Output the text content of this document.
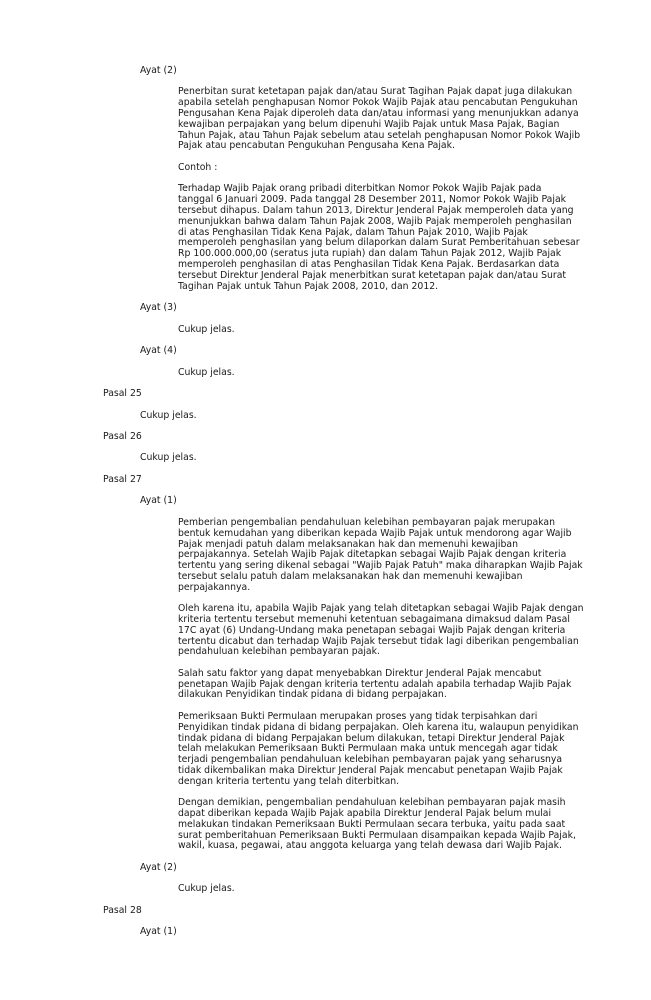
Ayat (2)
Penerbitan surat ketetapan pajak dan/atau Surat Tagihan Pajak dapat juga dilakukan
apabila setelah penghapusan Nomor Pokok Wajib Pajak atau pencabutan Pengukuhan
Pengusahan Kena Pajak diperoleh data dan/atau informasi yang menunjukkan adanya
kewajiban perpajakan yang belum dipenuhi Wajib Pajak untuk Masa Pajak, Bagian
Tahun Pajak, atau Tahun Pajak sebelum atau setelah penghapusan Nomor Pokok Wajib
Pajak atau pencabutan Pengukuhan Pengusaha Kena Pajak.
Contoh :
Terhadap Wajib Pajak orang pribadi diterbitkan Nomor Pokok Wajib Pajak pada
tanggal 6 Januari 2009. Pada tanggal 28 Desember 2011, Nomor Pokok Wajib Pajak
tersebut dihapus. Dalam tahun 2013, Direktur Jenderal Pajak memperoleh data yang
menunjukkan bahwa dalam Tahun Pajak 2008, Wajib Pajak memperoleh penghasilan
di atas Penghasilan Tidak Kena Pajak, dalam Tahun Pajak 2010, Wajib Pajak
memperoleh penghasilan yang belum dilaporkan dalam Surat Pemberitahuan sebesar
Rp 100.000.000,00 (seratus juta rupiah) dan dalam Tahun Pajak 2012, Wajib Pajak
memperoleh penghasilan di atas Penghasilan Tidak Kena Pajak. Berdasarkan data
tersebut Direktur Jenderal Pajak menerbitkan surat ketetapan pajak dan/atau Surat
Tagihan Pajak untuk Tahun Pajak 2008, 2010, dan 2012.
Ayat (3)
Cukup jelas.
Ayat (4)
Cukup jelas.
Pasal 25
Cukup jelas.
Pasal 26
Cukup jelas.
Pasal 27
Ayat (1)
Pemberian pengembalian pendahuluan kelebihan pembayaran pajak merupakan
bentuk kemudahan yang diberikan kepada Wajib Pajak untuk mendorong agar Wajib
Pajak menjadi patuh dalam melaksanakan hak dan memenuhi kewajiban
perpajakannya. Setelah Wajib Pajak ditetapkan sebagai Wajib Pajak dengan kriteria
tertentu yang sering dikenal sebagai "Wajib Pajak Patuh" maka diharapkan Wajib Pajak
tersebut selalu patuh dalam melaksanakan hak dan memenuhi kewajiban
perpajakannya.
Oleh karena itu, apabila Wajib Pajak yang telah ditetapkan sebagai Wajib Pajak dengan
kriteria tertentu tersebut memenuhi ketentuan sebagaimana dimaksud dalam Pasal
17C ayat (6) Undang-Undang maka penetapan sebagai Wajib Pajak dengan kriteria
tertentu dicabut dan terhadap Wajib Pajak tersebut tidak lagi diberikan pengembalian
pendahuluan kelebihan pembayaran pajak.
Salah satu faktor yang dapat menyebabkan Direktur Jenderal Pajak mencabut
penetapan Wajib Pajak dengan kriteria tertentu adalah apabila terhadap Wajib Pajak
dilakukan Penyidikan tindak pidana di bidang perpajakan.
Pemeriksaan Bukti Permulaan merupakan proses yang tidak terpisahkan dari
Penyidikan tindak pidana di bidang perpajakan. Oleh karena itu, walaupun penyidikan
tindak pidana di bidang Perpajakan belum dilakukan, tetapi Direktur Jenderal Pajak
telah melakukan Pemeriksaan Bukti Permulaan maka untuk mencegah agar tidak
terjadi pengembalian pendahuluan kelebihan pembayaran pajak yang seharusnya
tidak dikembalikan maka Direktur Jenderal Pajak mencabut penetapan Wajib Pajak
dengan kriteria tertentu yang telah diterbitkan.
Dengan demikian, pengembalian pendahuluan kelebihan pembayaran pajak masih
dapat diberikan kepada Wajib Pajak apabila Direktur Jenderal Pajak belum mulai
melakukan tindakan Pemeriksaan Bukti Permulaan secara terbuka, yaitu pada saat
surat pemberitahuan Pemeriksaan Bukti Permulaan disampaikan kepada Wajib Pajak,
wakil, kuasa, pegawai, atau anggota keluarga yang telah dewasa dari Wajib Pajak.
Ayat (2)
Cukup jelas.
Pasal 28
Ayat (1)
